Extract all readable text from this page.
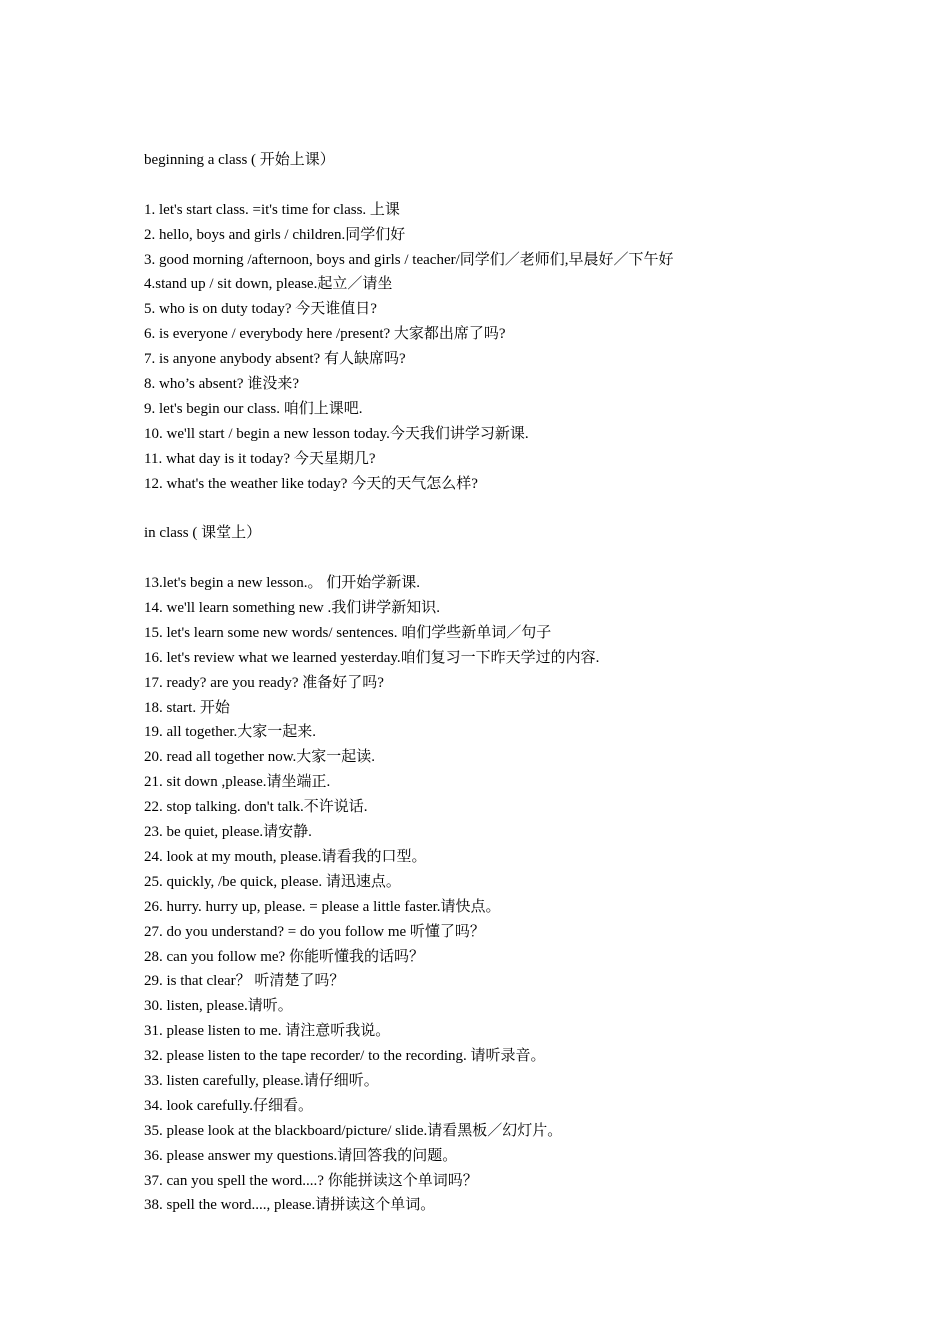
beginning a class ( 开始上课）
1. let's start class. =it's time for class. 上课
2. hello, boys and girls / children.同学们好
3. good morning /afternoon, boys and girls / teacher/同学们／老师们,早晨好／下午好
4.stand up / sit down, please.起立／请坐
5. who is on duty today? 今天谁值日?
6. is everyone / everybody here /present? 大家都出席了吗?
7. is anyone anybody absent? 有人缺席吗?
8. who’s absent? 谁没来?
9. let's begin our class. 咱们上课吧.
10. we'll start / begin a new lesson today.今天我们讲学习新课.
11. what day is it today? 今天星期几?
12. what's the weather like today? 今天的天气怎么样?
in class ( 课堂上）
13.let's begin a new lesson.。 们开始学新课.
14. we'll learn something new .我们讲学新知识.
15. let's learn some new words/ sentences. 咱们学些新单词／句子
16. let's review what we learned yesterday.咱们复习一下昨天学过的内容.
17. ready? are you ready? 准备好了吗?
18. start. 开始
19. all together.大家一起来.
20. read all together now.大家一起读.
21. sit down ,please.请坐端正.
22. stop talking. don't talk.不许说话.
23. be quiet, please.请安静.
24. look at my mouth, please.请看我的口型。
25. quickly, /be quick, please. 请迅速点。
26. hurry. hurry up, please. = please a little faster.请快点。
27. do you understand? = do you follow me 听懂了吗？
28. can you follow me? 你能听懂我的话吗？
29. is that clear？ 听清楚了吗？
30. listen, please.请听。
31. please listen to me. 请注意听我说。
32. please listen to the tape recorder/ to the recording. 请听录音。
33. listen carefully, please.请仔细听。
34. look carefully.仔细看。
35. please look at the blackboard/picture/ slide.请看黑板／幻灯片。
36. please answer my questions.请回答我的问题。
37. can you spell the word....? 你能拼读这个单词吗？
38. spell the word...., please.请拼读这个单词。
